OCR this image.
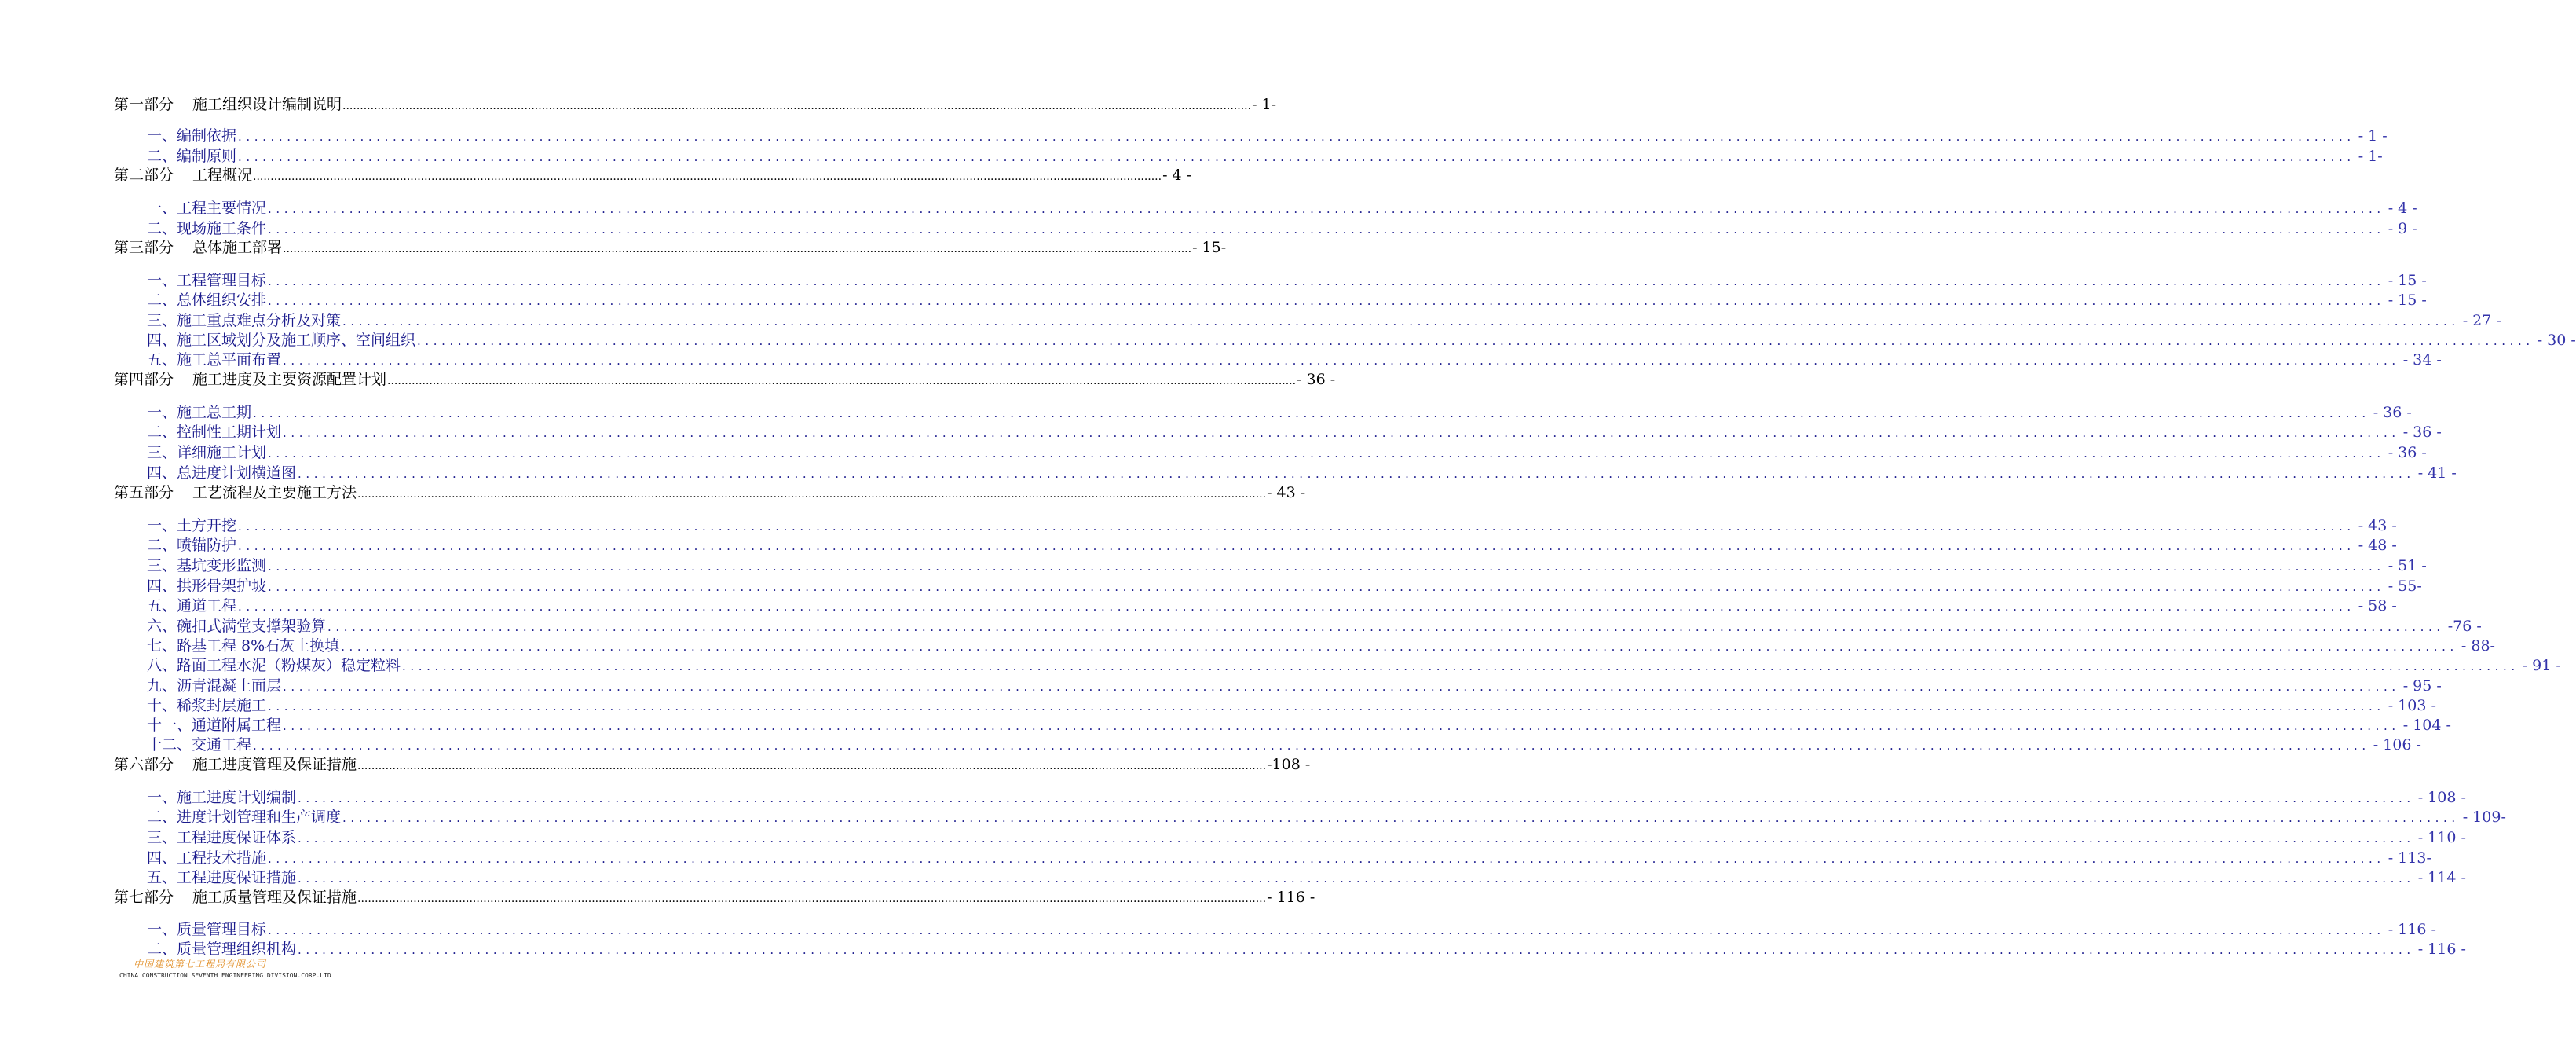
第一部分 施工组织设计编制说明 .................................................................................................................................................................................................................................................................... - 1-
一、编制依据 .................................................................................................................................................................................................................................................................... - 1 -
二、编制原则 .................................................................................................................................................................................................................................................................... - 1-
第二部分 工程概况 .................................................................................................................................................................................................................................................................... - 4 -
一、工程主要情况 .................................................................................................................................................................................................................................................................... - 4 -
二、现场施工条件 .................................................................................................................................................................................................................................................................... - 9 -
第三部分 总体施工部署 .................................................................................................................................................................................................................................................................... - 15-
一、工程管理目标 .................................................................................................................................................................................................................................................................... - 15 -
二、总体组织安排 .................................................................................................................................................................................................................................................................... - 15 -
三、施工重点难点分析及对策 .................................................................................................................................................................................................................................................................... - 27 -
四、施工区域划分及施工顺序、空间组织 .................................................................................................................................................................................................................................................................... - 30 -
五、施工总平面布置 .................................................................................................................................................................................................................................................................... - 34 -
第四部分 施工进度及主要资源配置计划 .................................................................................................................................................................................................................................................................... - 36 -
一、施工总工期 .................................................................................................................................................................................................................................................................... - 36 -
二、控制性工期计划 .................................................................................................................................................................................................................................................................... - 36 -
三、详细施工计划 .................................................................................................................................................................................................................................................................... - 36 -
四、总进度计划横道图 .................................................................................................................................................................................................................................................................... - 41 -
第五部分 工艺流程及主要施工方法 .................................................................................................................................................................................................................................................................... - 43 -
一、土方开挖 .................................................................................................................................................................................................................................................................... - 43 -
二、喷锚防护 .................................................................................................................................................................................................................................................................... - 48 -
三、基坑变形监测 .................................................................................................................................................................................................................................................................... - 51 -
四、拱形骨架护坡 .................................................................................................................................................................................................................................................................... - 55-
五、通道工程 .................................................................................................................................................................................................................................................................... - 58 -
六、碗扣式满堂支撑架验算 .................................................................................................................................................................................................................................................................... -76 -
七、路基工程 8%石灰土换填 .................................................................................................................................................................................................................................................................... - 88-
八、路面工程水泥（粉煤灰）稳定粒料 .................................................................................................................................................................................................................................................................... - 91 -
九、沥青混凝土面层 .................................................................................................................................................................................................................................................................... - 95 -
十、稀浆封层施工 .................................................................................................................................................................................................................................................................... - 103 -
十一、通道附属工程 .................................................................................................................................................................................................................................................................... - 104 -
十二、交通工程 .................................................................................................................................................................................................................................................................... - 106 -
第六部分 施工进度管理及保证措施 .................................................................................................................................................................................................................................................................... -108 -
一、施工进度计划编制 .................................................................................................................................................................................................................................................................... - 108 -
二、进度计划管理和生产调度 .................................................................................................................................................................................................................................................................... - 109-
三、工程进度保证体系 .................................................................................................................................................................................................................................................................... - 110 -
四、工程技术措施 .................................................................................................................................................................................................................................................................... - 113-
五、工程进度保证措施 .................................................................................................................................................................................................................................................................... - 114 -
第七部分 施工质量管理及保证措施 .................................................................................................................................................................................................................................................................... - 116 -
一、质量管理目标 .................................................................................................................................................................................................................................................................... - 116 -
二、质量管理组织机构 .................................................................................................................................................................................................................................................................... - 116 -
中国建筑第七工程局有限公司
CHINA CONSTRUCTION SEVENTH ENGINEERING DIVISION.CORP.LTD
